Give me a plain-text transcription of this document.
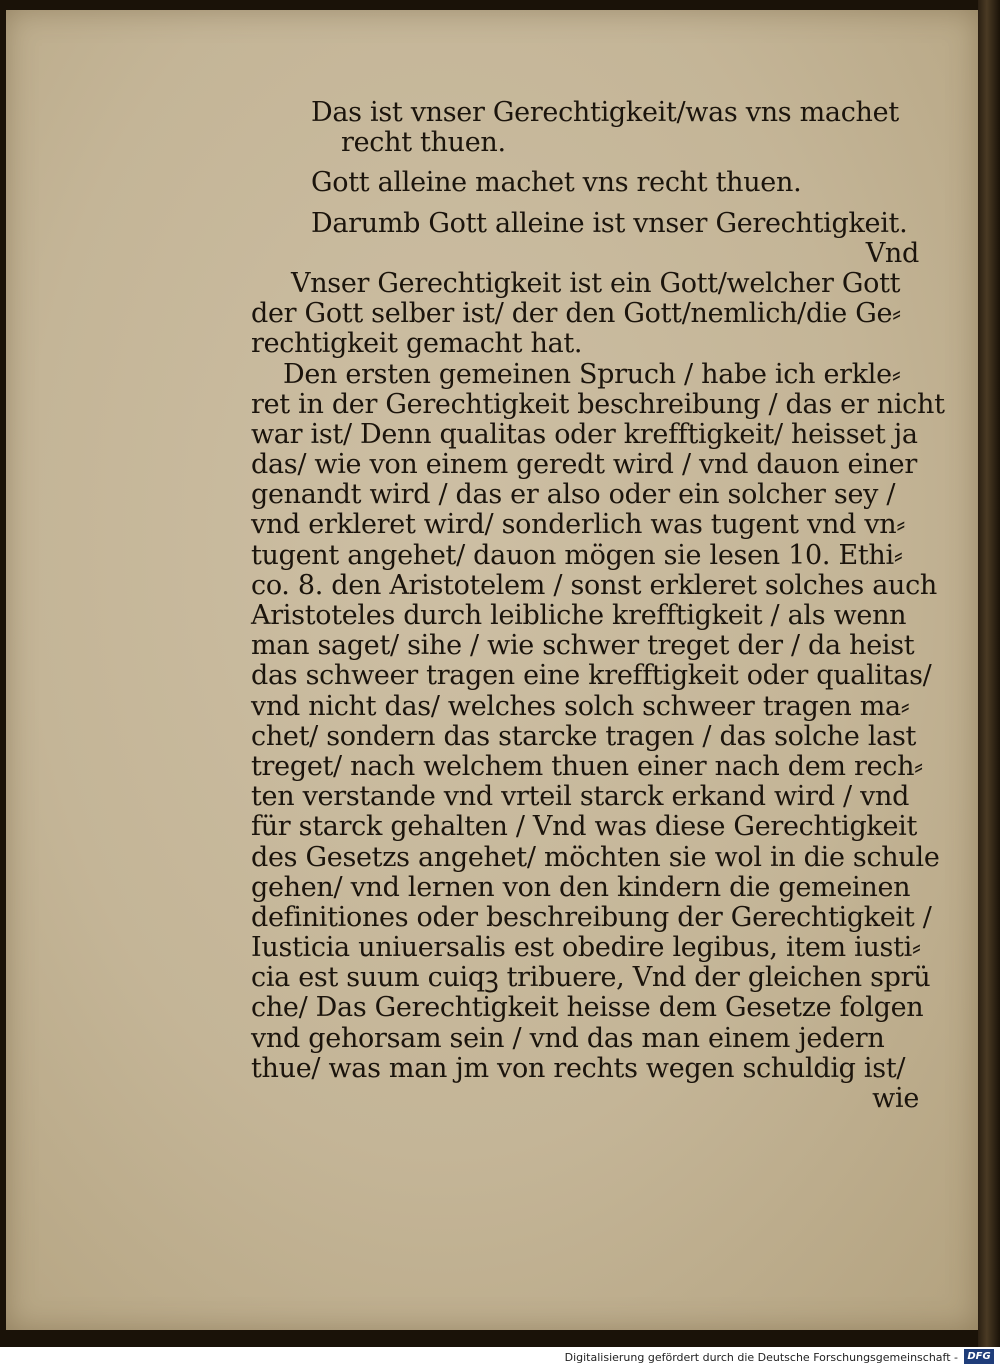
Das ist vnser Gerechtigkeit/was vns machet
recht thuen.
Gott alleine machet vns recht thuen.
Darumb Gott alleine ist vnser Gerechtigkeit.
Vnd
Vnser Gerechtigkeit ist ein Gott/welcher Gott
der Gott selber ist/ der den Gott/nemlich/die Ge⸗
rechtigkeit gemacht hat.
Den ersten gemeinen Spruch / habe ich erkle⸗
ret in der Gerechtigkeit beschreibung / das er nicht
war ist/ Denn qualitas oder krefftigkeit/ heisset ja
das/ wie von einem geredt wird / vnd dauon einer
genandt wird / das er also oder ein solcher sey /
vnd erkleret wird/ sonderlich was tugent vnd vn⸗
tugent angehet/ dauon mögen sie lesen 10. Ethi⸗
co. 8. den Aristotelem / sonst erkleret solches auch
Aristoteles durch leibliche krefftigkeit / als wenn
man saget/ sihe / wie schwer treget der / da heist
das schweer tragen eine krefftigkeit oder qualitas/
vnd nicht das/ welches solch schweer tragen ma⸗
chet/ sondern das starcke tragen / das solche last
treget/ nach welchem thuen einer nach dem rech⸗
ten verstande vnd vrteil starck erkand wird / vnd
für starck gehalten / Vnd was diese Gerechtigkeit
des Gesetzs angehet/ möchten sie wol in die schule
gehen/ vnd lernen von den kindern die gemeinen
definitiones oder beschreibung der Gerechtigkeit /
Iusticia uniuersalis est obedire legibus, item iusti⸗
cia est suum cuiqꝫ tribuere, Vnd der gleichen sprü
che/ Das Gerechtigkeit heisse dem Gesetze folgen
vnd gehorsam sein / vnd das man einem jedern
thue/ was man jm von rechts wegen schuldig ist/
wie
Digitalisierung gefördert durch die Deutsche Forschungsgemeinschaft - DFG
